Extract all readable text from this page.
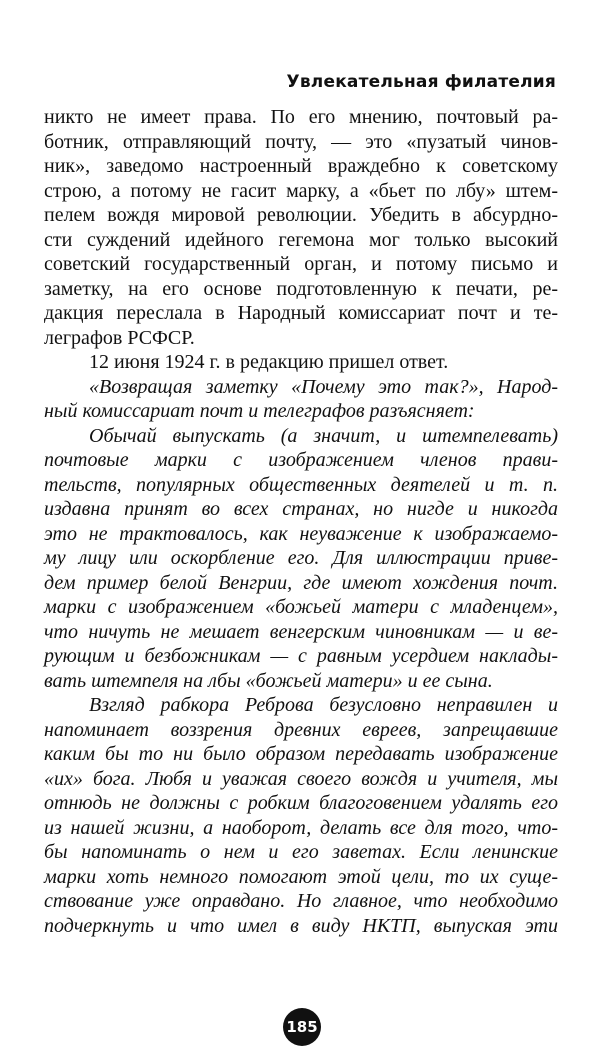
Увлекательная филателия
никто не имеет права. По его мнению, почтовый ра-
ботник, отправляющий почту, — это «пузатый чинов-
ник», заведомо настроенный враждебно к советскому
строю, а потому не гасит марку, а «бьет по лбу» штем-
пелем вождя мировой революции. Убедить в абсурдно-
сти суждений идейного гегемона мог только высокий
советский государственный орган, и потому письмо и
заметку, на его основе подготовленную к печати, ре-
дакция переслала в Народный комиссариат почт и те-
леграфов РСФСР.
12 июня 1924 г. в редакцию пришел ответ.
«Возвращая заметку «Почему это так?», Народ-
ный комиссариат почт и телеграфов разъясняет:
Обычай выпускать (а значит, и штемпелевать)
почтовые марки с изображением членов прави-
тельств, популярных общественных деятелей и т. п.
издавна принят во всех странах, но нигде и никогда
это не трактовалось, как неуважение к изображаемо-
му лицу или оскорбление его. Для иллюстрации приве-
дем пример белой Венгрии, где имеют хождения почт.
марки с изображением «божьей матери с младенцем»,
что ничуть не мешает венгерским чиновникам — и ве-
рующим и безбожникам — с равным усердием наклады-
вать штемпеля на лбы «божьей матери» и ее сына.
Взгляд рабкора Реброва безусловно неправилен и
напоминает воззрения древних евреев, запрещавшие
каким бы то ни было образом передавать изображение
«их» бога. Любя и уважая своего вождя и учителя, мы
отнюдь не должны с робким благоговением удалять его
из нашей жизни, а наоборот, делать все для того, что-
бы напоминать о нем и его заветах. Если ленинские
марки хоть немного помогают этой цели, то их суще-
ствование уже оправдано. Но главное, что необходимо
подчеркнуть и что имел в виду НКТП, выпуская эти
185
